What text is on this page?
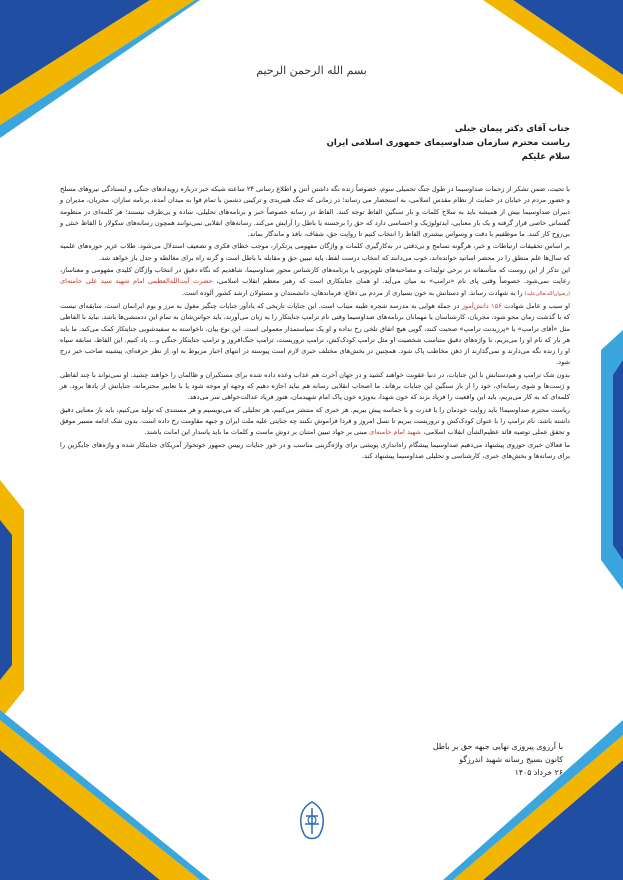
بسم الله الرحمن الرحیم

جناب آقای دکتر پیمان جبلی

ریاست محترم سازمان صداوسیمای جمهوری اسلامی ایران

سلام علیکم

با تحیت، ضمن تشکر از زحمات صداوسیما در طول جنگ تحمیلی سوم، خصوصاً زنده نگه داشتن آنتن و اطلاع رسانی ۲۴ ساعته شبکه خبر درباره رویدادهای جنگی و ایستادگی نیروهای مسلح و حضور مردم در خیابان در حمایت از نظام مقدس اسلامی، به استحضار می رساند؛ در زمانی که جنگ هیبریدی و ترکیبی دشمن با تمام قوا به میدان آمده، برنامه سازان، مجریان، مدیران و دبیران صداوسیما بیش از همیشه باید به سلاح کلمات و بار سنگین الفاظ توجه کنند. الفاظ در رسانه خصوصاً خبر و برنامه‌های تحلیلی، ساده و بی‌طرف نیستند؛ هر کلمه‌ای در منظومه گفتمانی خاصی قرار گرفته و یک بار معنایی، ایدئولوژیک و احساسی دارد که حق را برجسته یا باطل را آرایش می‌کند. رسانه‌های انقلابی نمی‌توانند همچون رسانه‌های سکولار با الفاظ خنثی و بی‌روح کار کنند. ما موظفیم با دقت و وسواس بیشتری الفاظ را انتخاب کنیم تا روایت حق، شفاف، نافذ و ماندگار بماند.

بر اساس تحقیقات ارتباطات و خبر، هرگونه تسامح و بی‌دقتی در به‌کارگیری کلمات و واژگان مفهومی پرتکرار، موجب خطای فکری و تضعیف استدلال می‌شود. طلاب عزیز حوزه‌های علمیه که سال‌ها علم منطق را در محضر اساتید خوانده‌اند، خوب می‌دانند که انتخاب درست لفظ، پایه تبیین حق و مقابله با باطل است و گرنه راه برای مغالطه و جدل باز خواهد شد.

این تذکر از این روست که متأسفانه در برخی تولیدات و مصاحبه‌های تلویزیونی یا برنامه‌های کارشناس محور صداوسیما، شاهدیم که نگاه دقیق در انتخاب واژگان کلیدی مفهومی و معناساز، رعایت نمی‌شود. خصوصاً وقتی پای نام «ترامپ» به میان می‌آید. او همان جنایتکاری است که رهبر معظم انقلاب اسلامی، حضرت آیت‌الله‌العظمی امام شهید سید علی خامنه‌ای (رضوان‌الله‌تعالی‌علیه) را به شهادت رساند. او دستانش به خون بسیاری از مردم بی دفاع، فرماندهان، دانشمندان و مسئولان ارشد کشور آلوده است.

او سبب و عامل شهادت ۱۵۶ دانش‌آموز در حمله هوایی به مدرسه شجره طیبه میناب است. این جنایات تاریخی که یادآور جنایات چنگیز مغول به مرز و بوم ایرانمان است، سابقه‌ای نیست که با گذشت زمان محو شود. مجریان، کارشناسان یا مهمانان برنامه‌های صداوسیما وقتی نام ترامپ جنایتکار را به زبان می‌آورند، باید حواس‌شان به تمام این ددمنشی‌ها باشد. نباید با الفاظی مثل «آقای ترامپ» یا «پرزیدنت ترامپ» صحبت کنند، گویی هیچ اتفاق تلخی رخ نداده و او یک سیاستمدار معمولی است. این نوع بیان، ناخواسته به سفیدشویی جنایتکار کمک می‌کند. ما باید هر بار که نام او را می‌بریم، با واژه‌های دقیق متناسب شخصیت او مثل ترامپ کودک‌کش، ترامپ تروریست، ترامپ جنگ‌افروز و ترامپ جنایتکار جنگی و... یاد کنیم. این الفاظ، سابقه سیاه او را زنده نگه می‌دارند و نمی‌گذارند از ذهن مخاطب پاک شود. همچنین در بخش‌های مختلف خبری لازم است پیوسته در انتهای اخبار مربوط به او، از نظر حرفه‌ای، پیشینه صاحب خبر درج شود.

بدون شک ترامپ و هم‌دستانش با این جنایات، در دنیا عقوبت خواهند کشید و در جهان آخرت هم عذاب وعده داده شده برای مستکبران و ظالمان را خواهند چشید. او نمی‌تواند با چند لفاظی و ژست‌ها و شوی رسانه‌ای، خود را از بار سنگین این جنایات برهاند. ما اصحاب انقلابی رسانه هم نباید اجازه دهیم که وجهه او موجه شود یا با تعابیر محترمانه، جنایاتش از یادها برود. هر کلمه‌ای که به کار می‌بریم، باید این واقعیت را فریاد بزند که خون شهدا، به‌ویژه خون پاک امام شهیدمان، هنوز فریاد عدالت‌خواهی سر می‌دهد.

ریاست محترم صداوسیما! باید روایت خودمان را با قدرت و با حماسه پیش ببریم. هر خبری که منتشر می‌کنیم، هر تحلیلی که می‌نویسیم و هر مستندی که تولید می‌کنیم، باید بار معنایی دقیق داشته باشد. نام ترامپ را با عنوان کودک‌کش و تروریست ببریم تا نسل امروز و فردا فراموش نکنند چه جنایتی علیه ملت ایران و جبهه مقاومت رخ داده است. بدون شک ادامه مسیر موفق و تحقق عملی توصیه قائد عظیم‌الشأن انقلاب اسلامی، شهید امام خامنه‌ای مبنی بر جهاد تبیین امتنان بر دوش ماست و کلمات ما باید پاسدار این امانت باشند.

ما فعالان خبری حوزوی پیشنهاد می‌دهیم صداوسیما پیشگام راه‌اندازی پویشی برای واژه‌گزینی مناسب و در خور جنایات رییس جمهور خونخوار آمریکای جنایتکار شده و واژه‌های جایگزین را برای رسانه‌ها و بخش‌های خبری، کارشناسی و تحلیلی صداوسیما پیشنهاد کند.

با آرزوی پیروزی نهایی جبهه حق بر باطل
کانون بسیج رسانه شهید اندرزگو
۲۶ خرداد ۱۴۰۵
